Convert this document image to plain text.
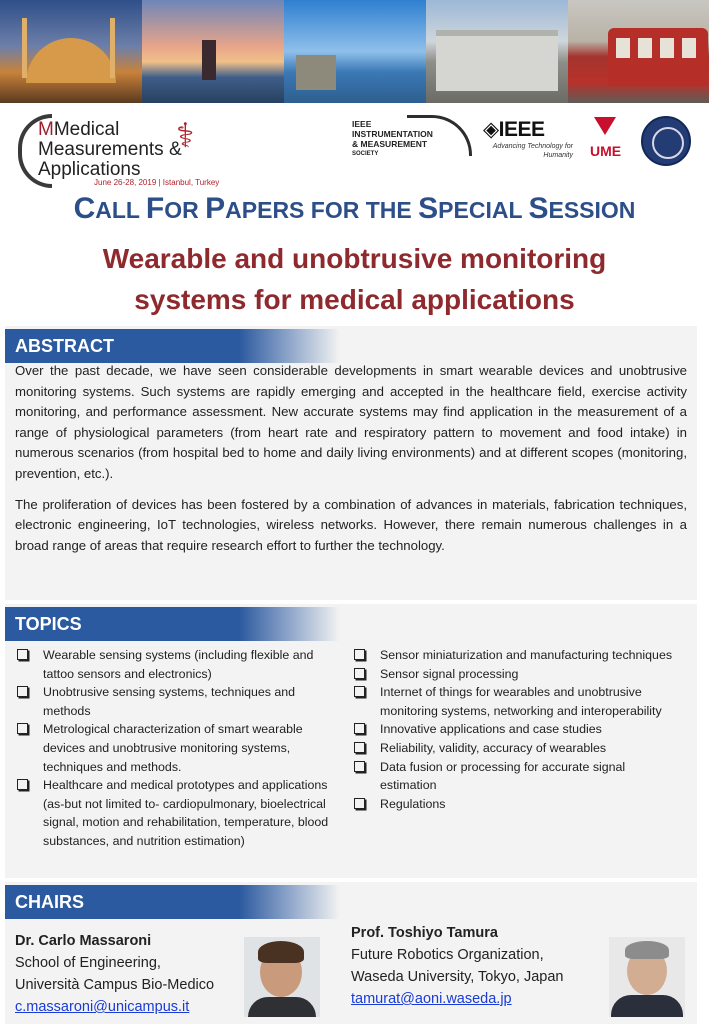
MMedical
Measurements &
Applications
⚕
June 26-28, 2019 | Istanbul, Turkey
IEEE
INSTRUMENTATION
& MEASUREMENT
SOCIETY
◈IEEE
Advancing Technology for Humanity UME
CALL FOR PAPERS FOR THE SPECIAL SESSION
Wearable and unobtrusive monitoring
systems for medical applications
ABSTRACT

Over the past decade, we have seen considerable developments in smart wearable devices and unobtrusive monitoring systems. Such systems are rapidly emerging and accepted in the healthcare field, exercise activity monitoring, and performance assessment. New accurate systems may find application in the measurement of a range of physiological parameters (from heart rate and respiratory pattern to movement and food intake) in numerous scenarios (from hospital bed to home and daily living environments) and at different scopes (monitoring, prevention, etc.).

The proliferation of devices has been fostered by a combination of advances in materials, fabrication techniques, electronic engineering, IoT technologies, wireless networks. However, there remain numerous challenges in a broad range of areas that require research effort to further the technology.

TOPICS
Wearable sensing systems (including flexible and tattoo sensors and electronics)
Unobtrusive sensing systems, techniques and methods
Metrological characterization of smart wearable devices and unobtrusive monitoring systems, techniques and methods.
Healthcare and medical prototypes and applications (as-but not limited to- cardiopulmonary, bioelectrical signal, motion and rehabilitation, temperature, blood substances, and nutrition estimation)
Sensor miniaturization and manufacturing techniques
Sensor signal processing
Internet of things for wearables and unobtrusive monitoring systems, networking and interoperability
Innovative applications and case studies
Reliability, validity, accuracy of wearables
Data fusion or processing for accurate signal estimation
Regulations
CHAIRS
Dr. Carlo Massaroni
School of Engineering,
Università Campus Bio-Medico
c.massaroni@unicampus.it
Prof. Toshiyo Tamura
Future Robotics Organization,
Waseda University, Tokyo, Japan
tamurat@aoni.waseda.jp
